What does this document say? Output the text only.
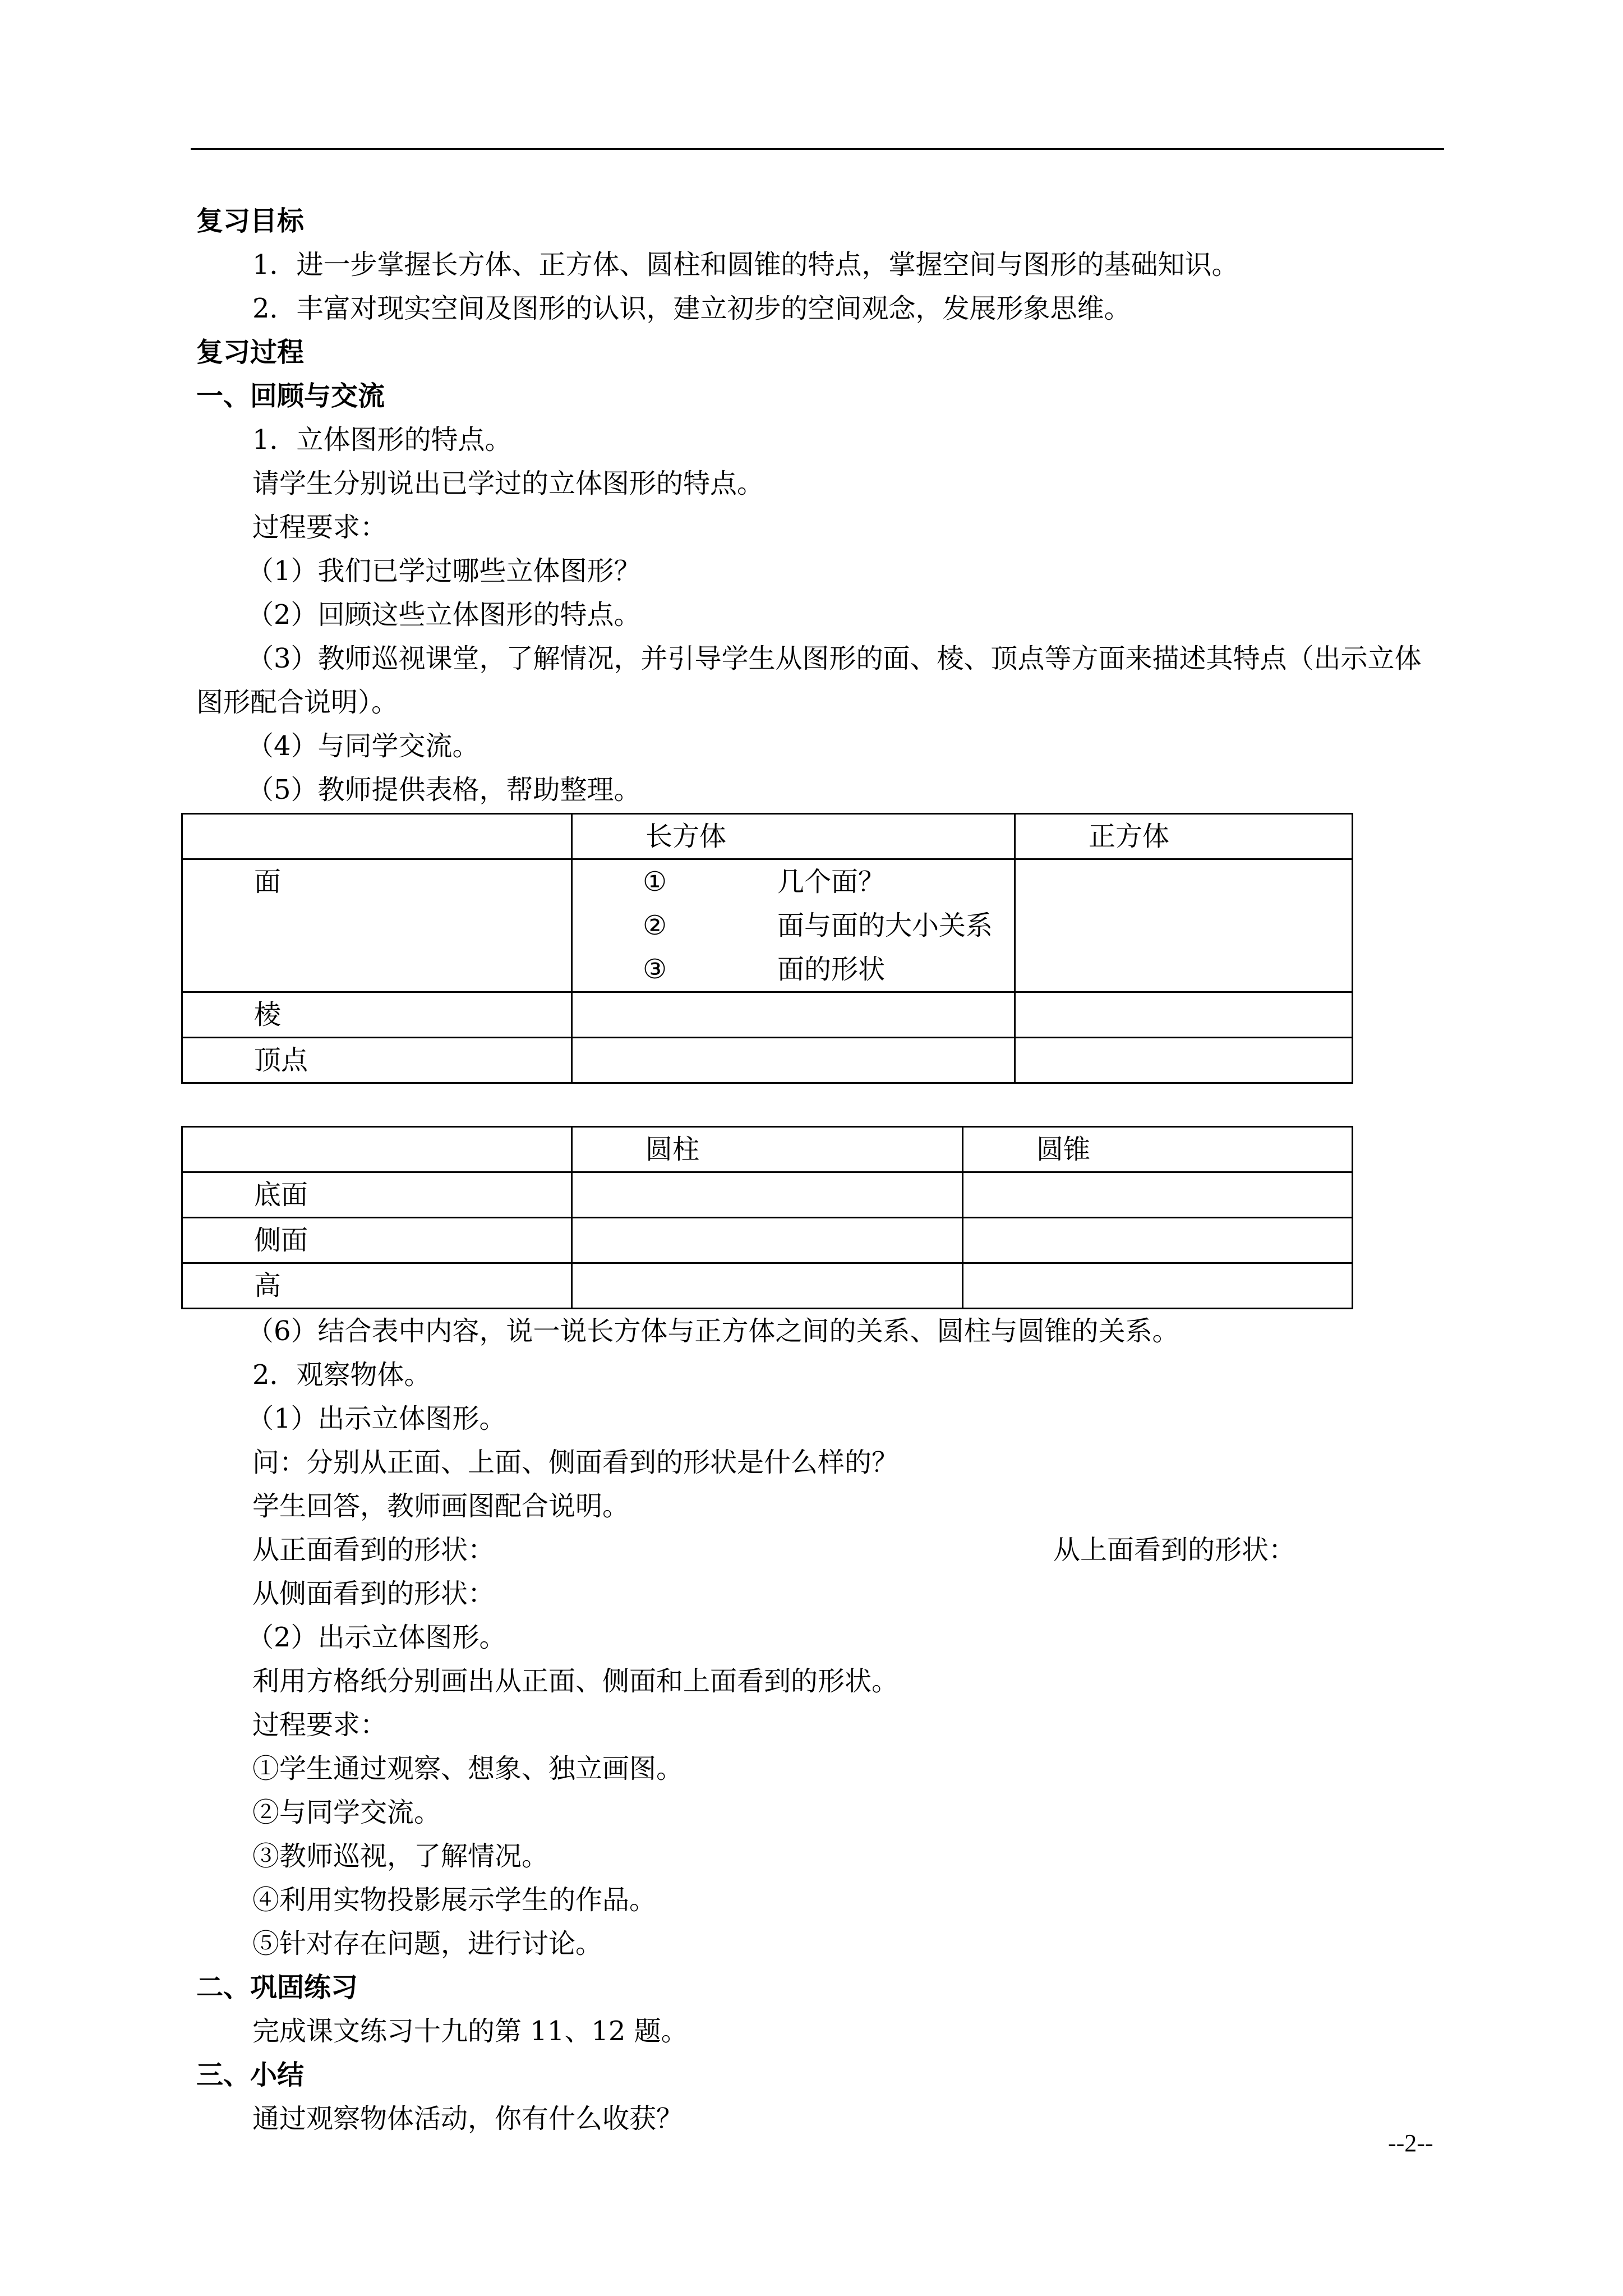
复习目标

1．进一步掌握长方体、正方体、圆柱和圆锥的特点，掌握空间与图形的基础知识。

2．丰富对现实空间及图形的认识，建立初步的空间观念，发展形象思维。

复习过程

一、回顾与交流

1．立体图形的特点。

请学生分别说出已学过的立体图形的特点。

过程要求：

（1）我们已学过哪些立体图形？

（2）回顾这些立体图形的特点。

（3）教师巡视课堂，了解情况，并引导学生从图形的面、棱、顶点等方面来描述其特点（出示立体图形配合说明）。

（4）与同学交流。

（5）教师提供表格，帮助整理。

	长方体	正方体
面	① 几个面？
② 面与面的大小关系
③ 面的形状	

棱		
顶点		
	圆柱	圆锥
底面		
侧面		
高		

（6）结合表中内容，说一说长方体与正方体之间的关系、圆柱与圆锥的关系。

2．观察物体。

（1）出示立体图形。

问：分别从正面、上面、侧面看到的形状是什么样的？

学生回答，教师画图配合说明。

从正面看到的形状：	从上面看到的形状：

从侧面看到的形状：

（2）出示立体图形。

利用方格纸分别画出从正面、侧面和上面看到的形状。

过程要求：

①学生通过观察、想象、独立画图。

②与同学交流。

③教师巡视，了解情况。

④利用实物投影展示学生的作品。

⑤针对存在问题，进行讨论。

二、巩固练习

完成课文练习十九的第 11、12 题。

三、小结

通过观察物体活动，你有什么收获？

--2--
